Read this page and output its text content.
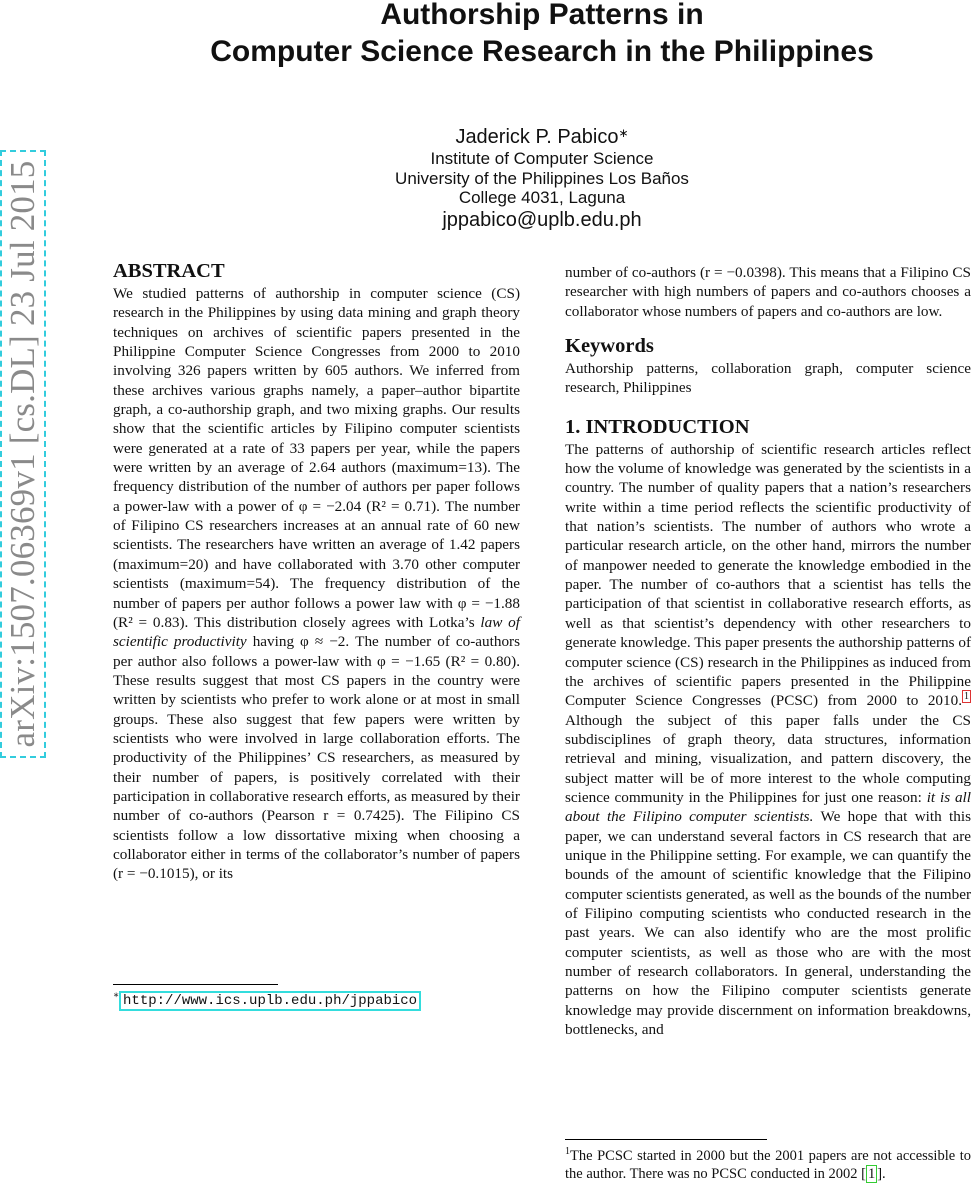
Authorship Patterns in
Computer Science Research in the Philippines
Jaderick P. Pabico∗
Institute of Computer Science
University of the Philippines Los Baños
College 4031, Laguna
jppabico@uplb.edu.ph
arXiv:1507.06369v1 [cs.DL] 23 Jul 2015	ABSTRACT

We studied patterns of authorship in computer science (CS) research in the Philippines by using data mining and graph theory techniques on archives of scientific papers presented in the Philippine Computer Science Congresses from 2000 to 2010 involving 326 papers written by 605 authors. We inferred from these archives various graphs namely, a paper–author bipartite graph, a co-authorship graph, and two mixing graphs. Our results show that the scientific articles by Filipino computer scientists were generated at a rate of 33 papers per year, while the papers were written by an average of 2.64 authors (maximum=13). The frequency distribution of the number of authors per paper follows a power-law with a power of φ = −2.04 (R² = 0.71). The number of Filipino CS researchers increases at an annual rate of 60 new scientists. The researchers have written an average of 1.42 papers (maximum=20) and have collaborated with 3.70 other computer scientists (maximum=54). The frequency distribution of the number of papers per author follows a power law with φ = −1.88 (R² = 0.83). This distribution closely agrees with Lotka’s law of scientific productivity having φ ≈ −2. The number of co-authors per author also follows a power-law with φ = −1.65 (R² = 0.80). These results suggest that most CS papers in the country were written by scientists who prefer to work alone or at most in small groups. These also suggest that few papers were written by scientists who were involved in large collaboration efforts. The productivity of the Philippines’ CS researchers, as measured by their number of papers, is positively correlated with their participation in collaborative research efforts, as measured by their number of co-authors (Pearson r = 0.7425). The Filipino CS scientists follow a low dissortative mixing when choosing a collaborator either in terms of the collaborator’s number of papers (r = −0.1015), or its

∗ http://www.ics.uplb.edu.ph/jppabico

number of co-authors (r = −0.0398). This means that a Filipino CS researcher with high numbers of papers and co-authors chooses a collaborator whose numbers of papers and co-authors are low.

Keywords

Authorship patterns, collaboration graph, computer science research, Philippines

1. INTRODUCTION

The patterns of authorship of scientific research articles reflect how the volume of knowledge was generated by the scientists in a country. The number of quality papers that a nation’s researchers write within a time period reflects the scientific productivity of that nation’s scientists. The number of authors who wrote a particular research article, on the other hand, mirrors the number of manpower needed to generate the knowledge embodied in the paper. The number of co-authors that a scientist has tells the participation of that scientist in collaborative research efforts, as well as that scientist’s dependency with other researchers to generate knowledge. This paper presents the authorship patterns of computer science (CS) research in the Philippines as induced from the archives of scientific papers presented in the Philippine Computer Science Congresses (PCSC) from 2000 to 2010. $^1$ Although the subject of this paper falls under the CS subdisciplines of graph theory, data structures, information retrieval and mining, visualization, and pattern discovery, the subject matter will be of more interest to the whole computing science community in the Philippines for just one reason: it is all about the Filipino computer scientists. We hope that with this paper, we can understand several factors in CS research that are unique in the Philippine setting. For example, we can quantify the bounds of the amount of scientific knowledge that the Filipino computer scientists generated, as well as the bounds of the number of Filipino computing scientists who conducted research in the past years. We can also identify who are the most prolific computer scientists, as well as those who are with the most number of research collaborators. In general, understanding the patterns on how the Filipino computer scientists generate knowledge may provide discernment on information breakdowns, bottlenecks, and

$^1$The PCSC started in 2000 but the 2001 papers are not accessible to the author. There was no PCSC conducted in 2002 [ 1 ].
